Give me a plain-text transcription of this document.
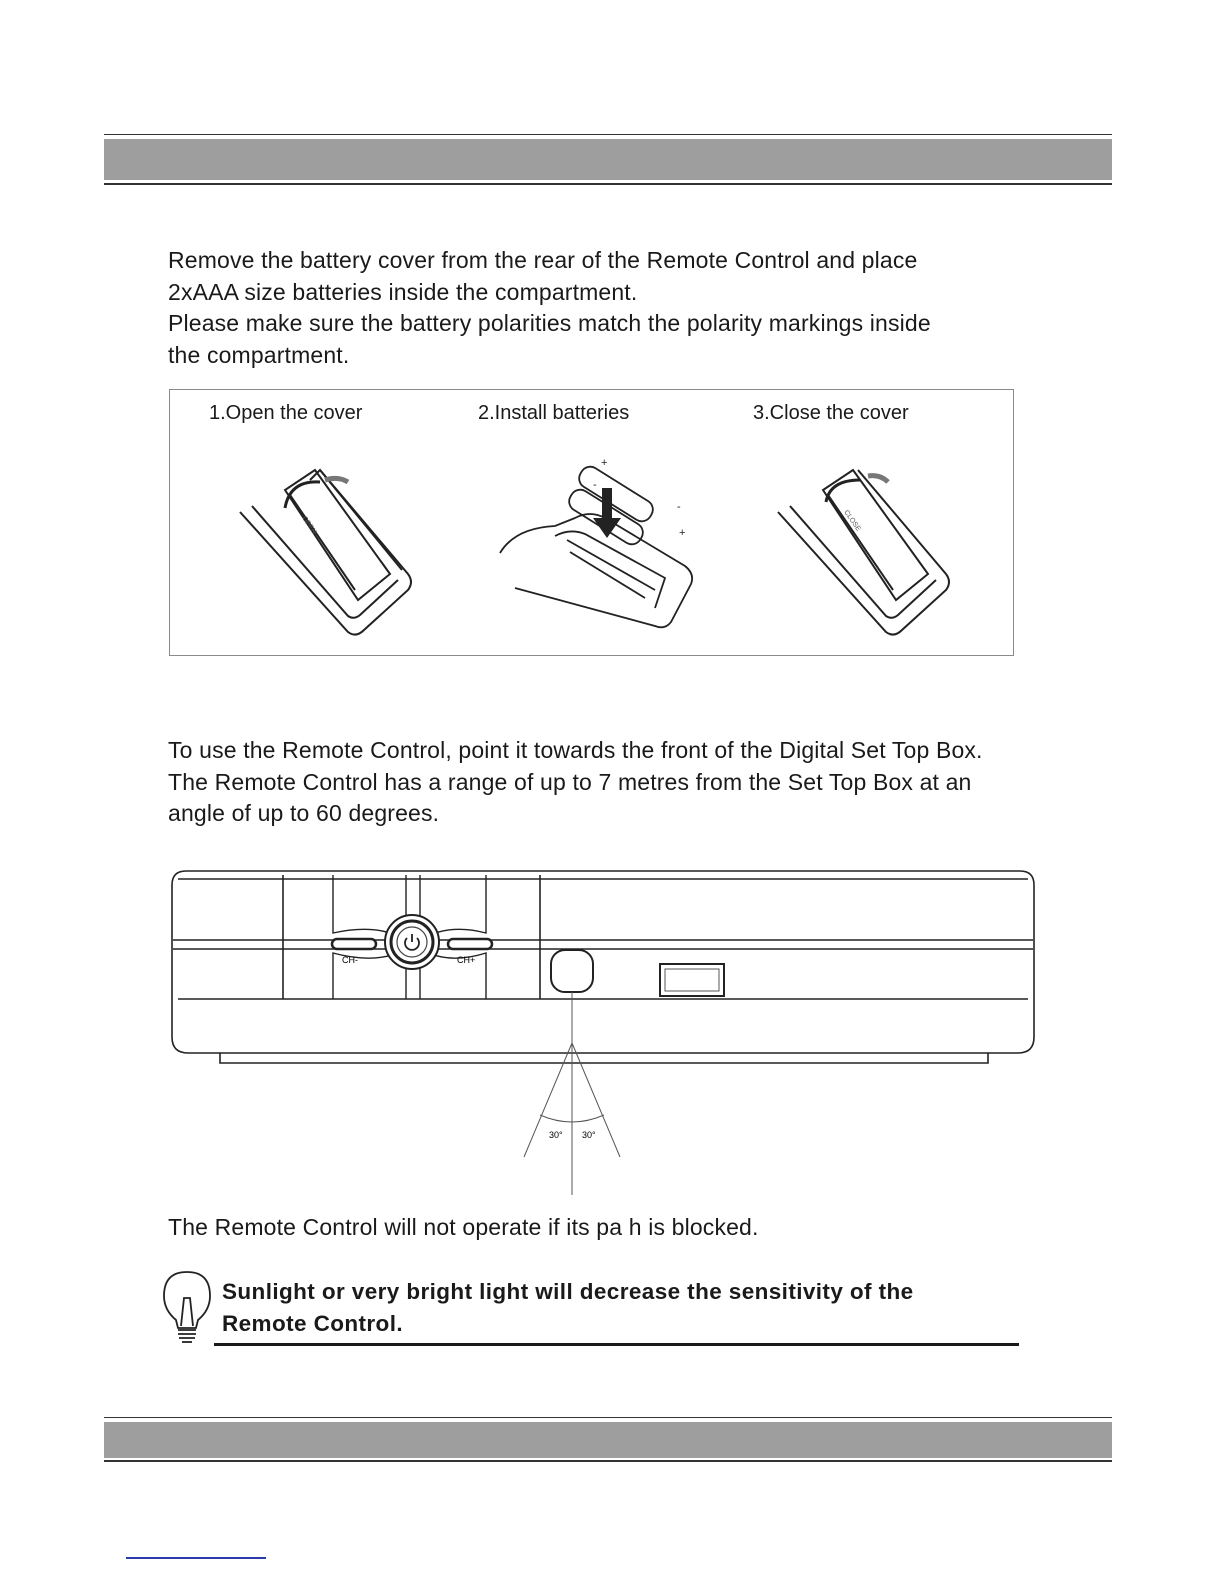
Remove the battery cover from the rear of the Remote Control and place
2xAAA size batteries inside the compartment.
Please make sure the battery polarities match the polarity markings inside
the compartment.
1.Open the cover	2.Install batteries	3.Close the cover
OPEN
+
-
-
+
CLOSE
To use the Remote Control, point it towards the front of the Digital Set Top Box.
The Remote Control has a range of up to 7 metres from the Set Top Box at an
angle of up to 60 degrees.
CH-	CH+
30° 30°
The Remote Control will not operate if its pa h is blocked.
Sunlight or very bright light will decrease the sensitivity of the
Remote Control.
